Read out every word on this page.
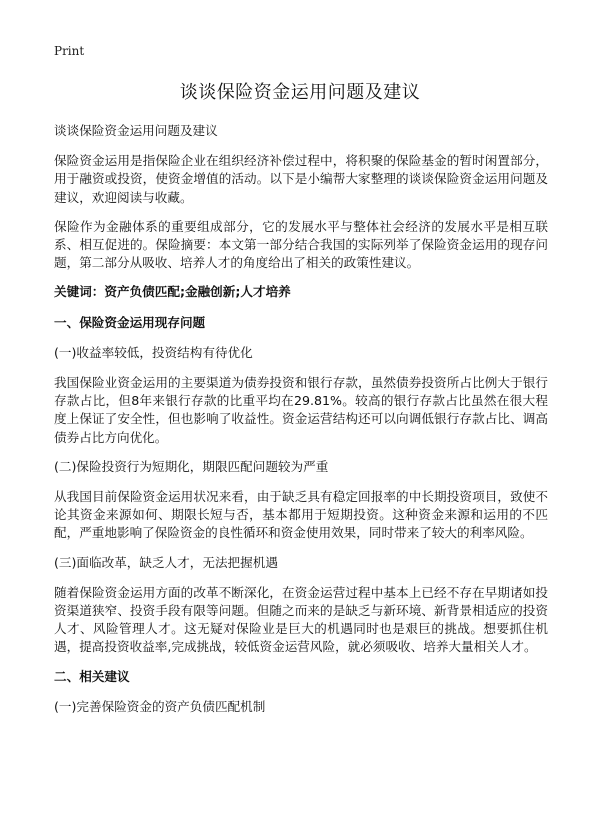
Print
谈谈保险资金运用问题及建议

谈谈保险资金运用问题及建议

保险资金运用是指保险企业在组织经济补偿过程中，将积聚的保险基金的暂时闲置部分，用于融资或投资，使资金增值的活动。以下是小编帮大家整理的谈谈保险资金运用问题及建议，欢迎阅读与收藏。

保险作为金融体系的重要组成部分，它的发展水平与整体社会经济的发展水平是相互联系、相互促进的。保险摘要：本文第一部分结合我国的实际列举了保险资金运用的现存问题，第二部分从吸收、培养人才的角度给出了相关的政策性建议。

关键词：资产负债匹配;金融创新;人才培养

一、保险资金运用现存问题

(一)收益率较低，投资结构有待优化

我国保险业资金运用的主要渠道为债券投资和银行存款，虽然债券投资所占比例大于银行存款占比，但8年来银行存款的比重平均在29.81%。较高的银行存款占比虽然在很大程度上保证了安全性，但也影响了收益性。资金运营结构还可以向调低银行存款占比、调高债券占比方向优化。

(二)保险投资行为短期化，期限匹配问题较为严重

从我国目前保险资金运用状况来看，由于缺乏具有稳定回报率的中长期投资项目，致使不论其资金来源如何、期限长短与否，基本都用于短期投资。这种资金来源和运用的不匹配，严重地影响了保险资金的良性循环和资金使用效果，同时带来了较大的利率风险。

(三)面临改革，缺乏人才，无法把握机遇

随着保险资金运用方面的改革不断深化，在资金运营过程中基本上已经不存在早期诸如投资渠道狭窄、投资手段有限等问题。但随之而来的是缺乏与新环境、新背景相适应的投资人才、风险管理人才。这无疑对保险业是巨大的机遇同时也是艰巨的挑战。想要抓住机遇，提高投资收益率,完成挑战，较低资金运营风险，就必须吸收、培养大量相关人才。

二、相关建议

(一)完善保险资金的资产负债匹配机制
